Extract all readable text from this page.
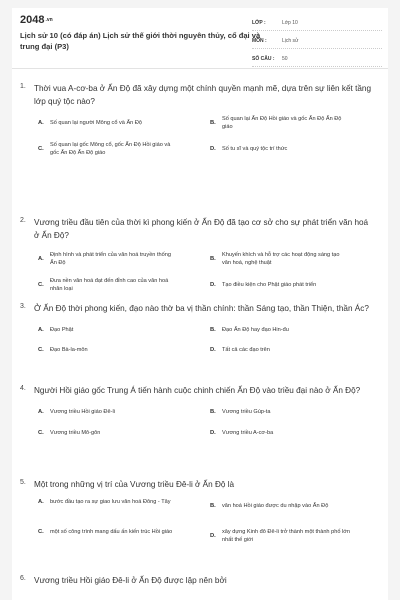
2048.vn
Lịch sử 10 (có đáp án) Lịch sử thế giới thời nguyên thủy, cổ đại và trung đại (P3)
LỚP :	Lớp 10
MÔN :	Lịch sử
SỐ CÂU :	50
1. Thời vua A-cơ-ba ở Ấn Độ đã xây dựng một chính quyền mạnh mẽ, dựa trên sự liên kết tầng lớp quý tộc nào?
A.	Số quan lại người Mông cổ và Ấn Độ	B.
Số quan lại Ấn Độ Hồi giáo và gốc Ấn Độ Ấn Độ giáo
C.
Số quan lại gốc Mông cổ, gốc Ấn Độ Hồi giáo và gốc Ấn Độ Ấn Độ giáo
D.	Số tu sĩ và quý tộc trí thức
2. Vương triều đầu tiên của thời kì phong kiến ở Ấn Độ đã tạo cơ sở cho sự phát triển văn hoá ở Ấn Độ?
A.
Định hình và phát triển của văn hoá truyền thống Ấn Độ
B.
Khuyến khích và hỗ trợ các hoạt động sáng tạo văn hoá, nghệ thuật
C.
Đưa nền văn hoá đạt đến đỉnh cao của văn hoá nhân loại
D.	Tạo điều kiện cho Phật giáo phát triển
3. Ở Ấn Độ thời phong kiến, đạo nào thờ ba vị thần chính: thần Sáng tạo, thần Thiện, thần Ác?
A.	Đạo Phật	B.	Đạo Ấn Độ hay đạo Hin-đu
C.	Đạo Bà-la-môn	D.	Tất cả các đạo trên
4. Người Hồi giáo gốc Trung Á tiến hành cuộc chinh chiến Ấn Độ vào triều đại nào ở Ấn Độ?
A.	Vương triều Hồi giáo Đê-li	B.	Vương triều Gúp-ta
C.	Vương triều Mô-gôn	D.	Vương triều A-cơ-ba
5. Một trong những vị trí của Vương triều Đê-li ở Ấn Độ là
A.	bước đầu tạo ra sự giao lưu văn hoá Đông - Tây
B.	văn hoá Hồi giáo được du nhập vào Ấn Độ
C.	một số công trình mang dấu ấn kiến trúc Hồi giáo
D.
xây dựng Kinh đô Đê-li trở thành một thành phố lớn nhất thế giới
6. Vương triều Hồi giáo Đê-li ở Ấn Độ được lập nên bởi
